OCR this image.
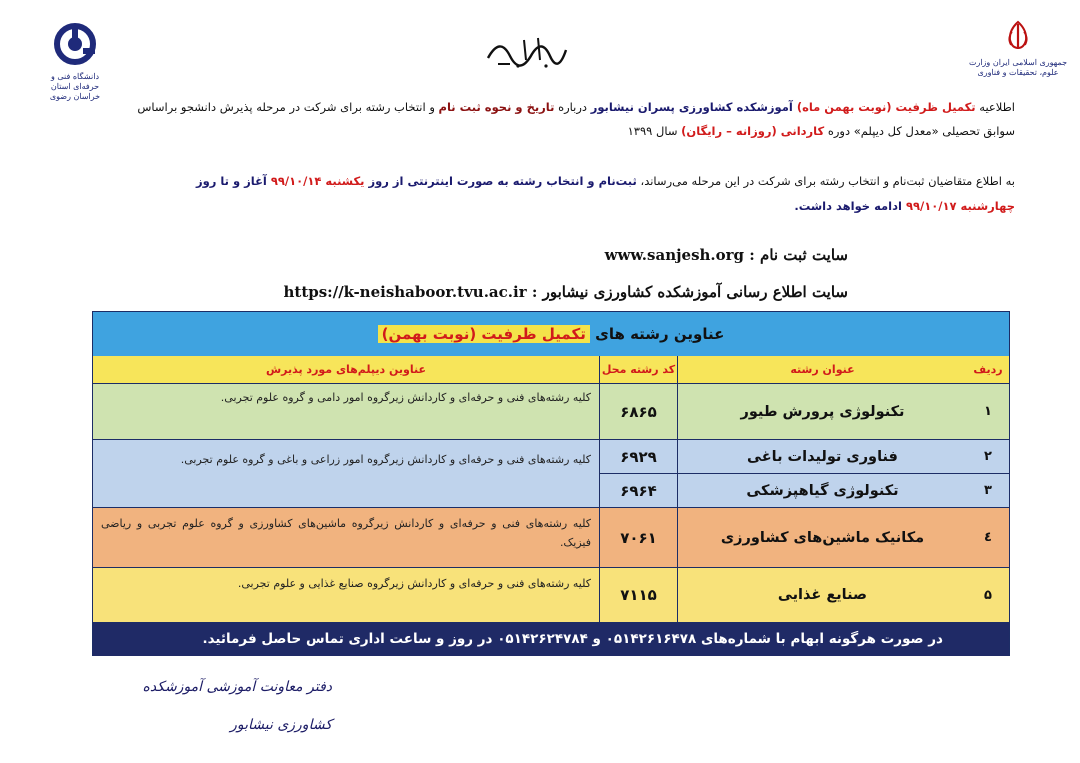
دانشگاه فنی و حرفه‌ای استان خراسان رضوی
جمهوری اسلامی ایران وزارت علوم، تحقیقات و فناوری
اطلاعیه تکمیل ظرفیت (نوبت بهمن ماه) آموزشکده کشاورزی پسران نیشابور درباره تاریخ و نحوه ثبت نام و انتخاب رشته برای شرکت در مرحله پذیرش دانشجو براساس
سوابق تحصیلی «معدل کل دیپلم» دوره کاردانی (روزانه – رایگان) سال ۱۳۹۹
به اطلاع متقاضیان ثبت‌نام و انتخاب رشته برای شرکت در این مرحله می‌رساند، ثبت‌نام و انتخاب رشته به صورت اینترنتی از روز یکشنبه ۹۹/۱۰/۱۴ آغاز و تا روز
چهارشنبه ۹۹/۱۰/۱۷ ادامه خواهد داشت.
سایت ثبت نام : www.sanjesh.org
سایت اطلاع رسانی آموزشکده کشاورزی نیشابور : https://k-neishaboor.tvu.ac.ir
عناوین رشته های تکمیل ظرفیت (نوبت بهمن)
ردیف
عنوان رشته
کد رشته محل
عناوین دیپلم‌های مورد پذیرش
۱
تکنولوژی پرورش طیور
۶۸۶۵
کلیه رشته‌های فنی و حرفه‌ای و کاردانش زیرگروه امور دامی و گروه علوم تجربی.
۲
فناوری تولیدات باغی
۶۹۲۹
۳
تکنولوژی گیاهپزشکی
۶۹۶۴
کلیه رشته‌های فنی و حرفه‌ای و کاردانش زیرگروه امور زراعی و باغی و گروه علوم تجربی.
٤
مکانیک ماشین‌های کشاورزی
۷۰۶۱
کلیه رشته‌های فنی و حرفه‌ای و کاردانش زیرگروه ماشین‌های کشاورزی و گروه علوم تجربی و ریاضی فیزیک.
۵
صنایع غذایی
۷۱۱۵
کلیه رشته‌های فنی و حرفه‌ای و کاردانش زیرگروه صنایع غذایی و علوم تجربی.
در صورت هرگونه ابهام با شماره‌های ۰۵۱۴۲۶۱۶۴۷۸ و ۰۵۱۴۲۶۲۴۷۸۴ در روز و ساعت اداری تماس حاصل فرمائید.
دفتر معاونت آموزشی آموزشکده کشاورزی نیشابور
